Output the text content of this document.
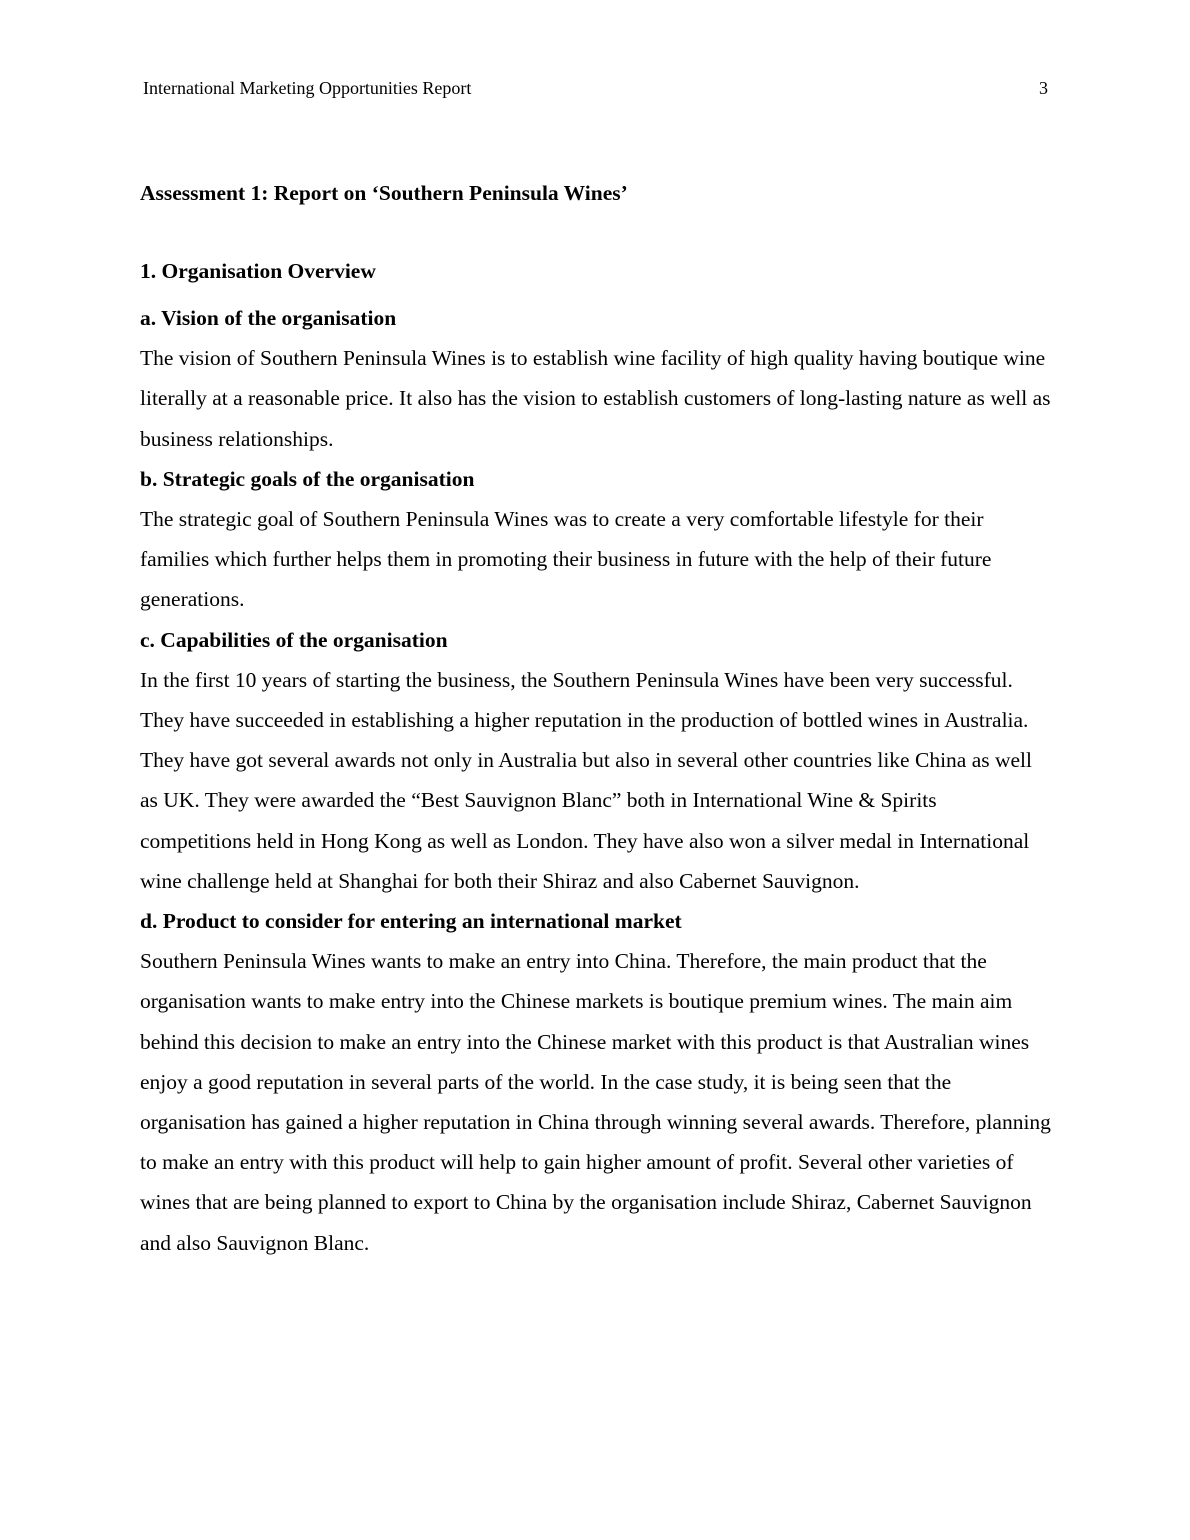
International Marketing Opportunities Report	3
Assessment 1: Report on ‘Southern Peninsula Wines’
1. Organisation Overview
a. Vision of the organisation

The vision of Southern Peninsula Wines is to establish wine facility of high quality having boutique wine literally at a reasonable price. It also has the vision to establish customers of long-lasting nature as well as business relationships.

b. Strategic goals of the organisation

The strategic goal of Southern Peninsula Wines was to create a very comfortable lifestyle for their families which further helps them in promoting their business in future with the help of their future generations.

c. Capabilities of the organisation

In the first 10 years of starting the business, the Southern Peninsula Wines have been very successful. They have succeeded in establishing a higher reputation in the production of bottled wines in Australia. They have got several awards not only in Australia but also in several other countries like China as well as UK. They were awarded the “Best Sauvignon Blanc” both in International Wine & Spirits competitions held in Hong Kong as well as London. They have also won a silver medal in International wine challenge held at Shanghai for both their Shiraz and also Cabernet Sauvignon.

d. Product to consider for entering an international market

Southern Peninsula Wines wants to make an entry into China. Therefore, the main product that the organisation wants to make entry into the Chinese markets is boutique premium wines. The main aim behind this decision to make an entry into the Chinese market with this product is that Australian wines enjoy a good reputation in several parts of the world. In the case study, it is being seen that the organisation has gained a higher reputation in China through winning several awards. Therefore, planning to make an entry with this product will help to gain higher amount of profit. Several other varieties of wines that are being planned to export to China by the organisation include Shiraz, Cabernet Sauvignon and also Sauvignon Blanc.
